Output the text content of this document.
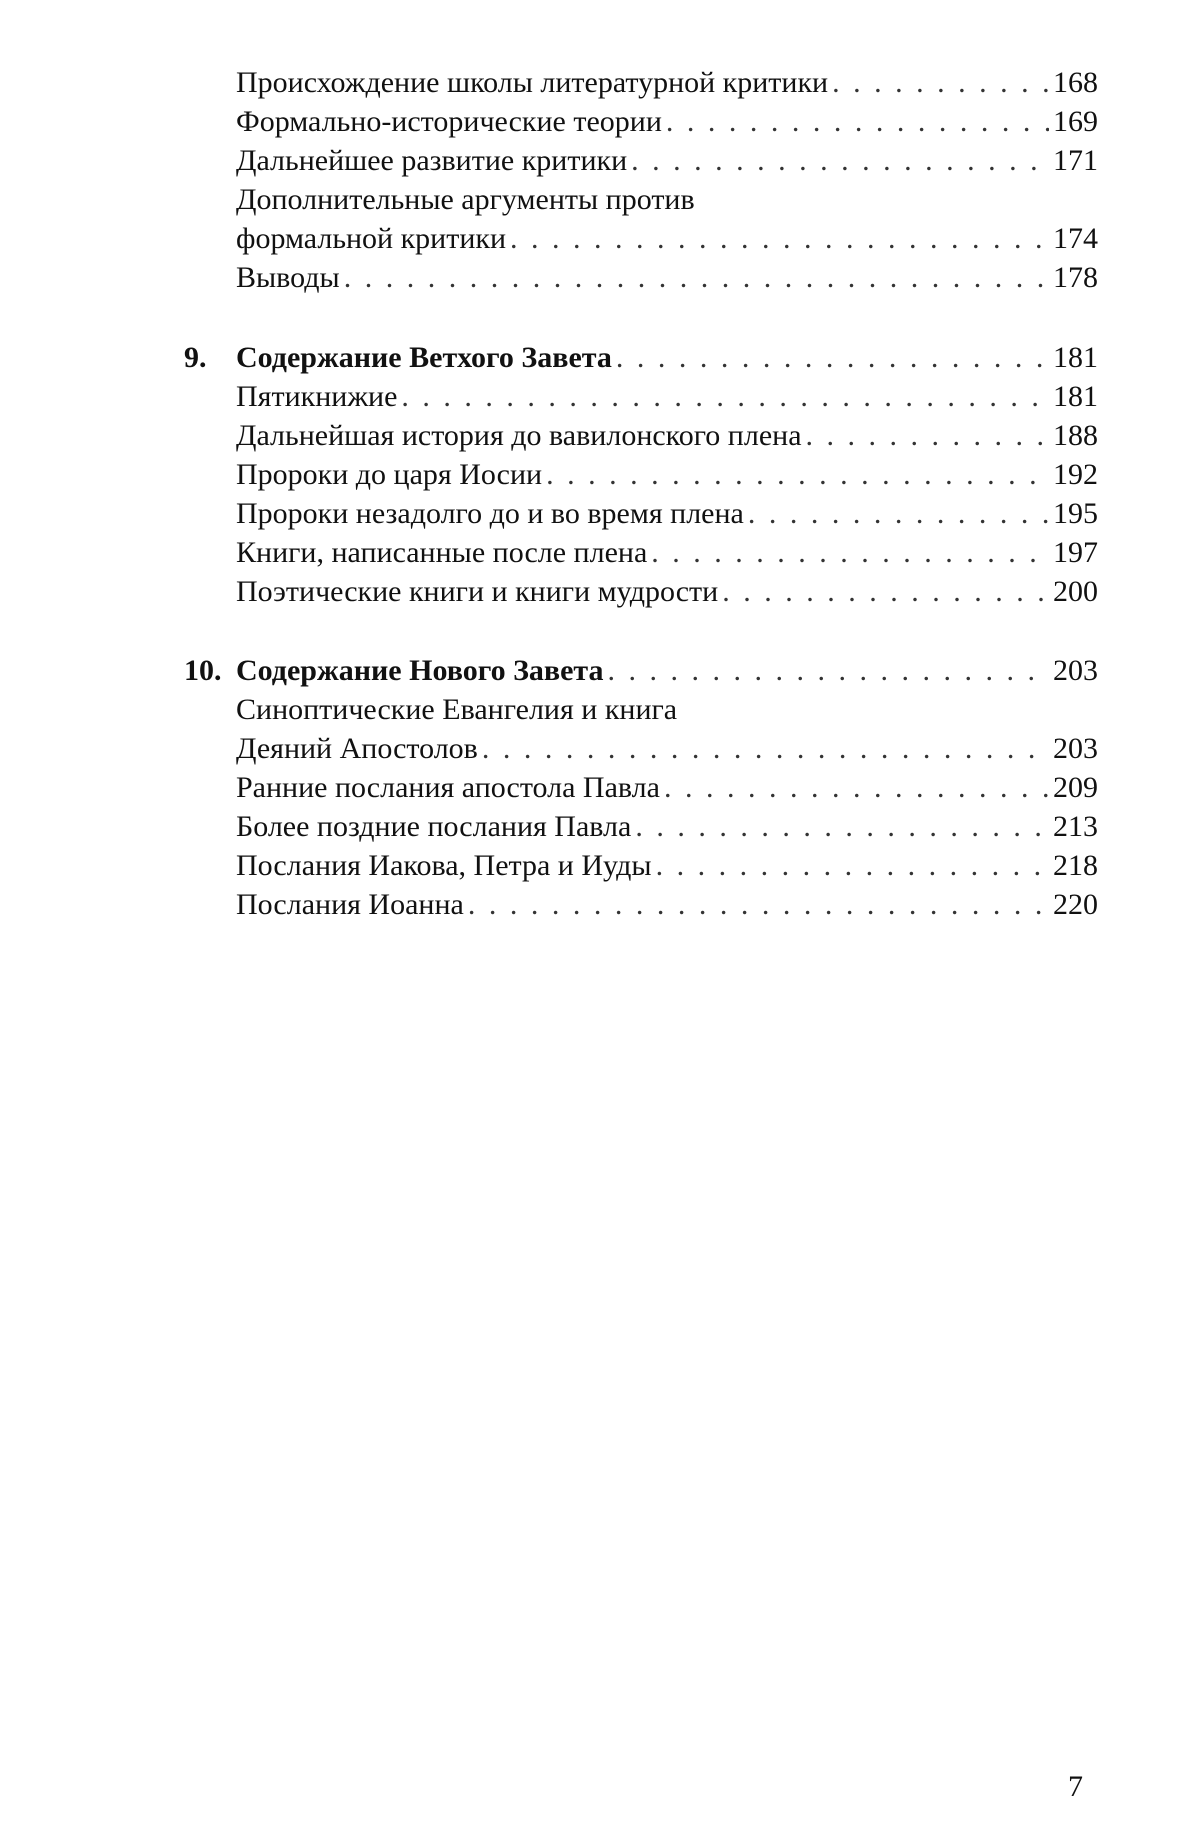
Происхождение школы литературной критики . . .	168
Формально-исторические теории . . .	169
Дальнейшее развитие критики . . .	171
Дополнительные аргументы против
формальной критики . . .	174
Выводы . . .	178
9. Содержание Ветхого Завета . . .	181
Пятикнижие . . .	181
Дальнейшая история до вавилонского плена . . .	188
Пророки до царя Иосии . . .	192
Пророки незадолго до и во время плена . . .	195
Книги, написанные после плена . . .	197
Поэтические книги и книги мудрости . . .	200
10. Содержание Нового Завета . . .	203
Синоптические Евангелия и книга
Деяний Апостолов . . .	203
Ранние послания апостола Павла . . .	209
Более поздние послания Павла . . .	213
Послания Иакова, Петра и Иуды . . .	218
Послания Иоанна . . .	220
7
